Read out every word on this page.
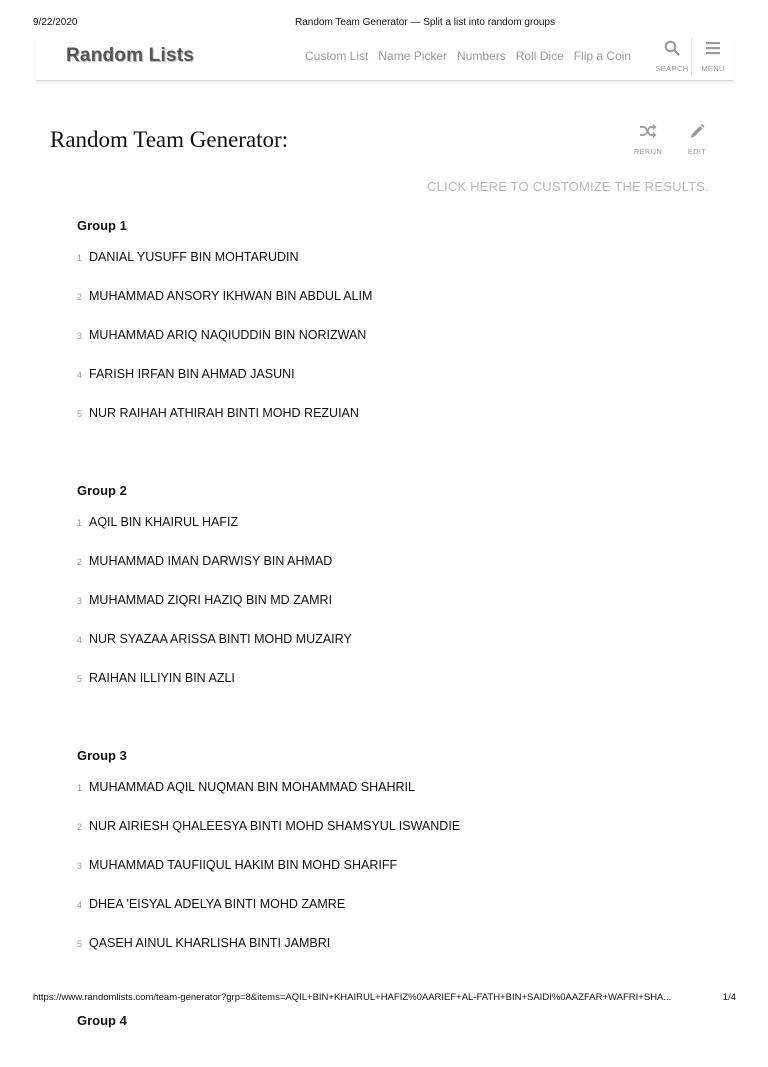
9/22/2020	Random Team Generator — Split a list into random groups
Random Lists	Custom List Name Picker Numbers Roll Dice Flip a Coin
SEARCH	MENU
Random Team Generator:	RERUN	EDIT
CLICK HERE TO CUSTOMIZE THE RESULTS.
Group 1
1 DANIAL YUSUFF BIN MOHTARUDIN
2 MUHAMMAD ANSORY IKHWAN BIN ABDUL ALIM
3 MUHAMMAD ARIQ NAQIUDDIN BIN NORIZWAN
4 FARISH IRFAN BIN AHMAD JASUNI
5 NUR RAIHAH ATHIRAH BINTI MOHD REZUIAN
Group 2
1 AQIL BIN KHAIRUL HAFIZ
2 MUHAMMAD IMAN DARWISY BIN AHMAD
3 MUHAMMAD ZIQRI HAZIQ BIN MD ZAMRI
4 NUR SYAZAA ARISSA BINTI MOHD MUZAIRY
5 RAIHAN ILLIYIN BIN AZLI
Group 3
1 MUHAMMAD AQIL NUQMAN BIN MOHAMMAD SHAHRIL
2 NUR AIRIESH QHALEESYA BINTI MOHD SHAMSYUL ISWANDIE
3 MUHAMMAD TAUFIIQUL HAKIM BIN MOHD SHARIFF
4 DHEA 'EISYAL ADELYA BINTI MOHD ZAMRE
5 QASEH AINUL KHARLISHA BINTI JAMBRI
Group 4
https://www.randomlists.com/team-generator?grp=8&items=AQIL+BIN+KHAIRUL+HAFIZ%0AARIEF+AL-FATH+BIN+SAIDI%0AAZFAR+WAFRI+SHA...	1/4
